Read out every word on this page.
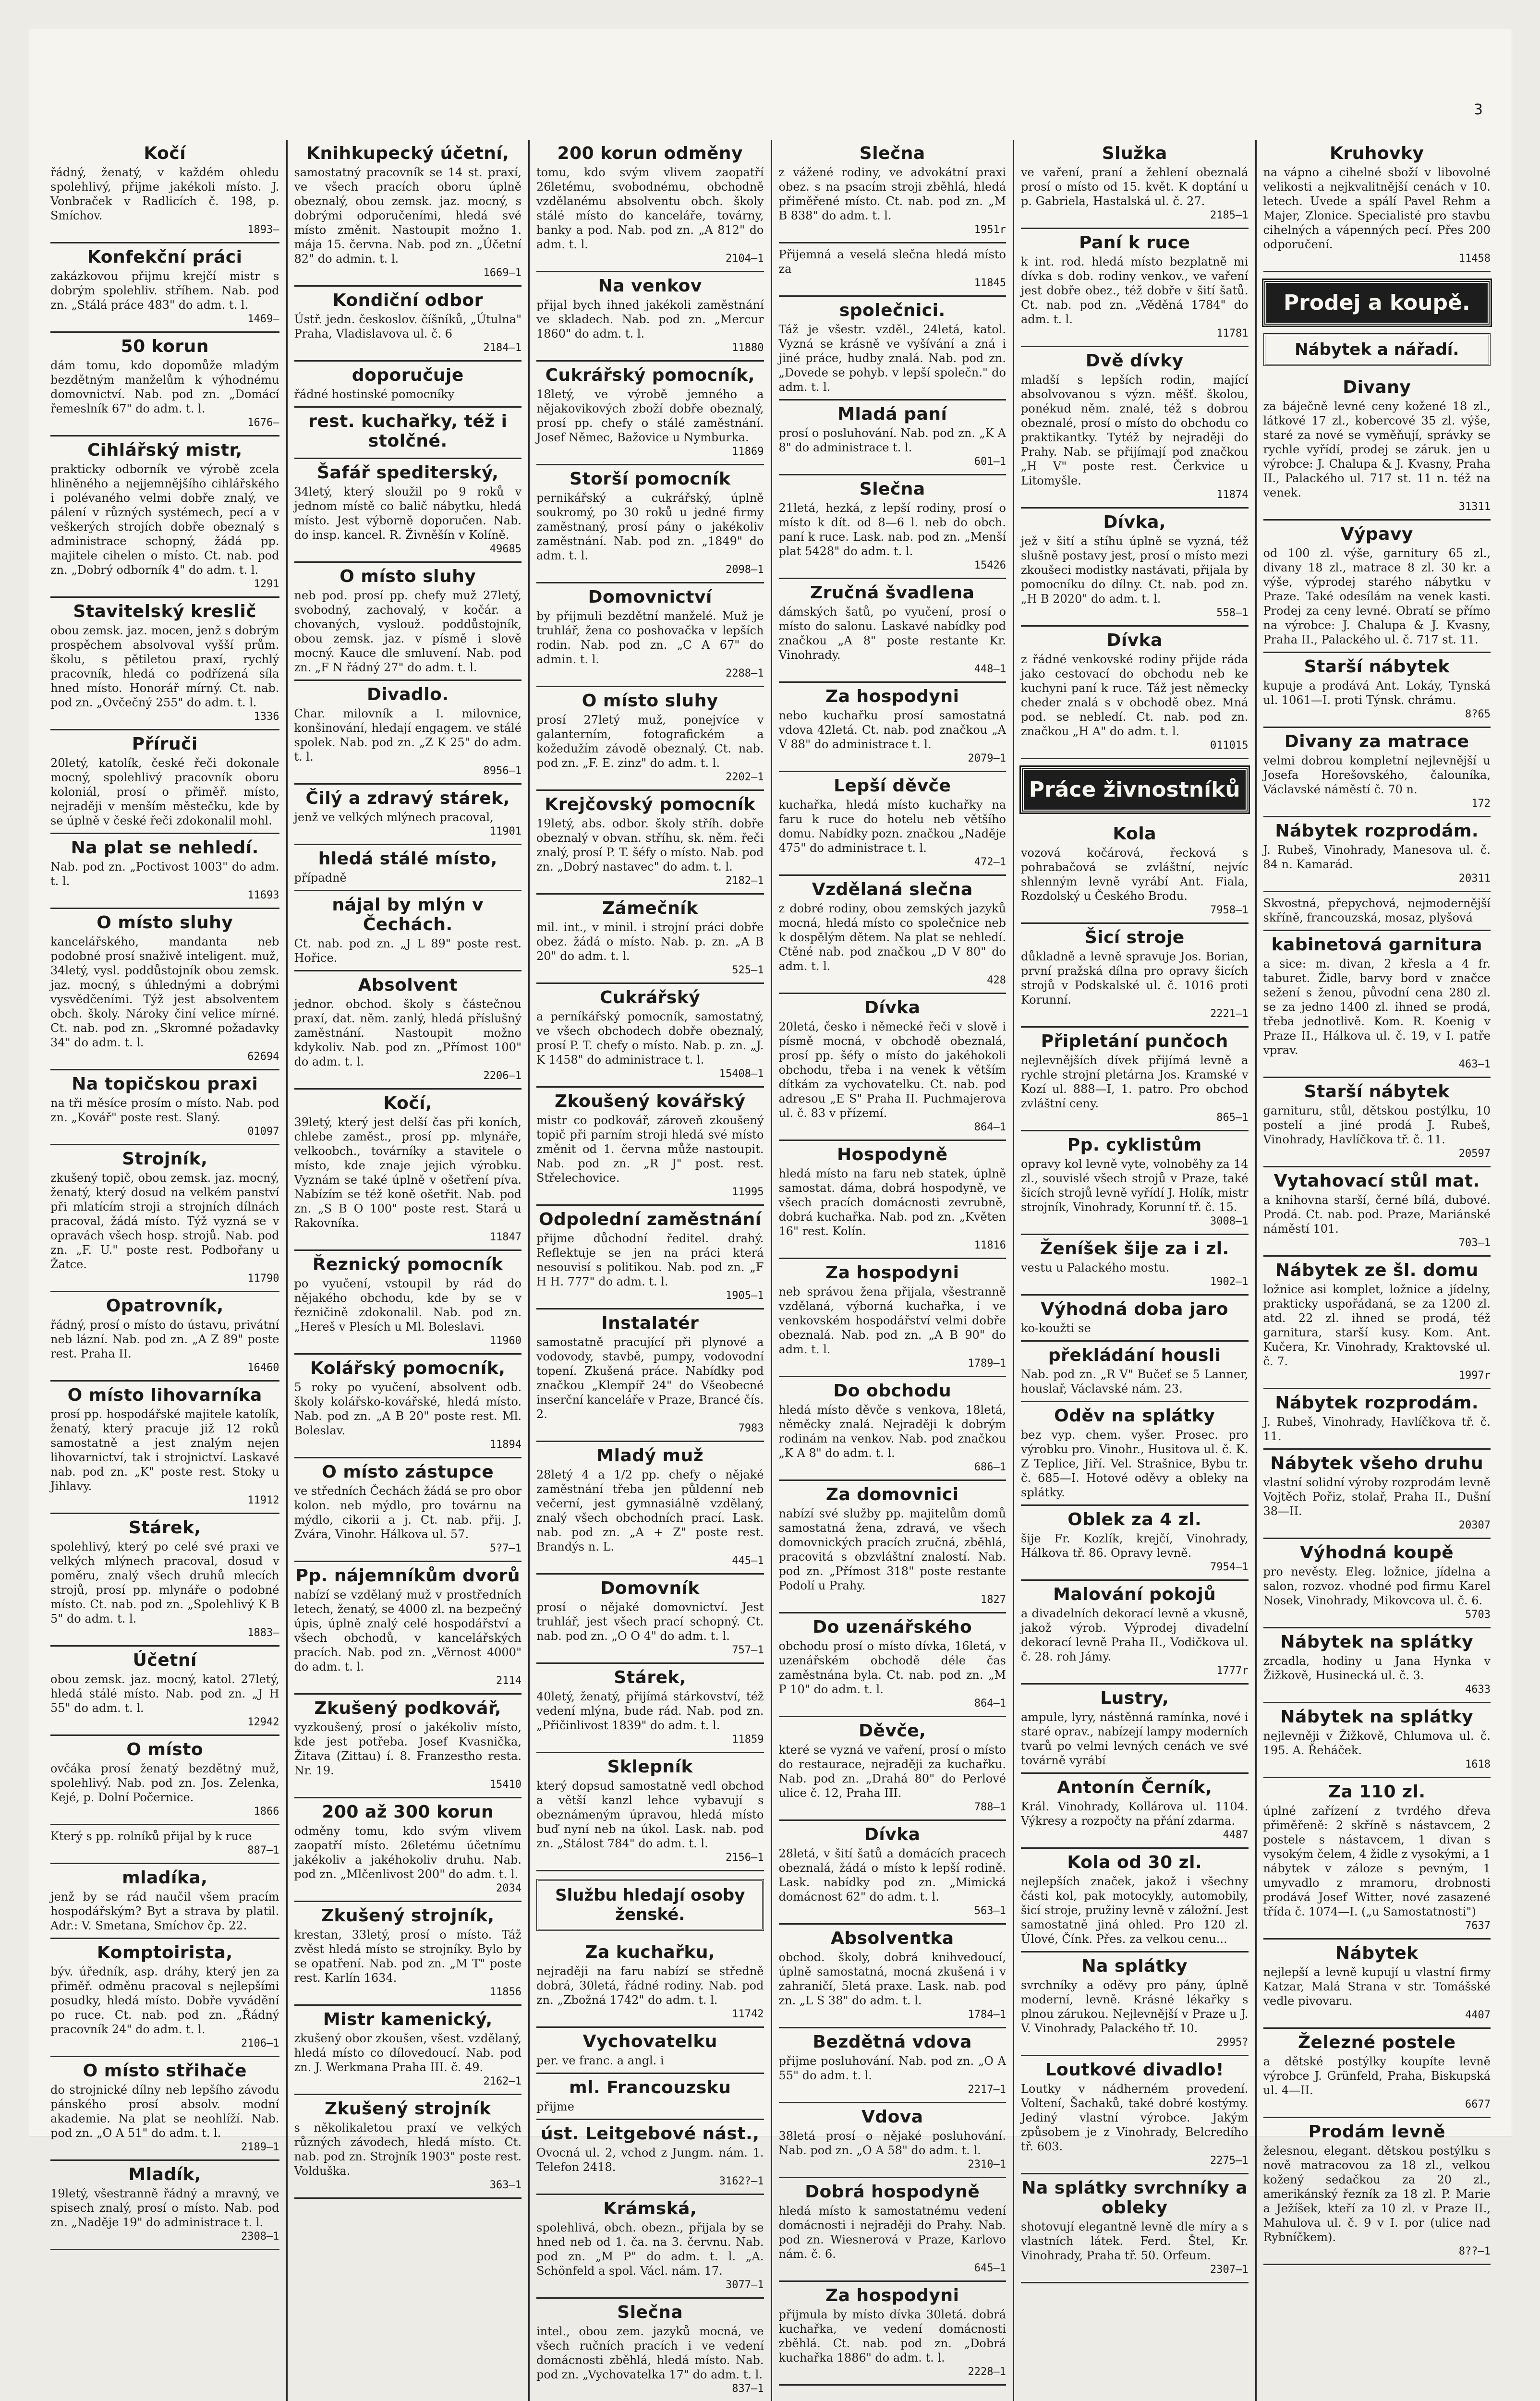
3
Kočí

řádný, ženatý, v každém ohledu spolehlivý, přijme jakékoli místo. J. Vonbraček v Radlicích č. 198, p. Smíchov.

1893—

Konfekční práci

zakázkovou přijmu krejčí mistr s dobrým spolehliv. stříhem. Nab. pod zn. „Stálá práce 483" do adm. t. l.

1469—

50 korun

dám tomu, kdo dopomůže mladým bezdětným manželům k výhodnému domovnictví. Nab. pod zn. „Domácí řemeslník 67" do adm. t. l.

1676—

Cihlářský mistr,

prakticky odborník ve výrobě zcela hliněného a nejjemnějšího cihlářského i polévaného velmi dobře znalý, ve pálení v různých systémech, pecí a v veškerých strojích dobře obeznalý s administrace schopný, žádá pp. majitele cihelen o místo. Ct. nab. pod zn. „Dobrý odborník 4" do adm. t. l.

1291

Stavitelský kreslič

obou zemsk. jaz. mocen, jenž s dobrým prospěchem absolvoval vyšší prům. školu, s pětiletou praxí, rychlý pracovník, hledá co podřízená síla hned místo. Honorář mírný. Ct. nab. pod zn. „Ovčečný 255" do adm. t. l.

1336

Příruči

20letý, katolík, české řeči dokonale mocný, spolehlivý pracovník oboru koloniál, prosí o přiměř. místo, nejraději v menším městečku, kde by se úplně v české řeči zdokonalil mohl.

Na plat se nehledí.

Nab. pod zn. „Poctivost 1003" do adm. t. l.

11693

O místo sluhy

kancelářského, mandanta neb podobné prosí snaživě inteligent. muž, 34letý, vysl. poddůstojník obou zemsk. jaz. mocný, s úhlednými a dobrými vysvědčeními. Týž jest absolventem obch. školy. Nároky činí velice mírné. Ct. nab. pod zn. „Skromné požadavky 34" do adm. t. l.

62694

Na topičskou praxi

na tři měsíce prosím o místo. Nab. pod zn. „Kovář" poste rest. Slaný.

01097

Strojník,

zkušený topič, obou zemsk. jaz. mocný, ženatý, který dosud na velkém panství při mlatícím stroji a strojních dílnách pracoval, žádá místo. Týž vyzná se v opravách všech hosp. strojů. Nab. pod zn. „F. U." poste rest. Podbořany u Žatce.

11790

Opatrovník,

řádný, prosí o místo do ústavu, privátní neb lázní. Nab. pod zn. „A Z 89" poste rest. Praha II.

16460

O místo lihovarníka

prosí pp. hospodářské majitele katolík, ženatý, který pracuje již 12 roků samostatně a jest znalým nejen lihovarnictví, tak i strojnictví. Laskavé nab. pod zn. „K" poste rest. Stoky u Jihlavy.

11912

Stárek,

spolehlivý, který po celé své praxi ve velkých mlýnech pracoval, dosud v poměru, znalý všech druhů mlecích strojů, prosí pp. mlynáře o podobné místo. Ct. nab. pod zn. „Spolehlivý K B 5" do adm. t. l.

1883—

Účetní

obou zemsk. jaz. mocný, katol. 27letý, hledá stálé místo. Nab. pod zn. „J H 55" do adm. t. l.

12942

O místo

ovčáka prosí ženatý bezdětný muž, spolehlivý. Nab. pod zn. Jos. Zelenka, Kejé, p. Dolní Počernice.

1866

Který s pp. rolníků přijal by k ruce

887—1

mladíka,

jenž by se rád naučil všem pracím hospodářským? Byt a strava by platil. Adr.: V. Smetana, Smíchov čp. 22.

Komptoiristа,

býv. úředník, asp. dráhy, který jen za přiměř. odměnu pracoval s nejlepšími posudky, hledá místo. Dobře vyvádění po ruce. Ct. nab. pod zn. „Řádný pracovník 24" do adm. t. l.

2106—1

O místo střihače

do strojnické dílny neb lepšího závodu pánského prosí absolv. modní akademie. Na plat se neohlíží. Nab. pod zn. „O A 51" do adm. t. l.

2189—1

Mladík,

19letý, všestranně řádný a mravný, ve spisech znalý, prosí o místo. Nab. pod zn. „Naděje 19" do administrace t. l.

2308—1

Knihkupecký účetní,

samostatný pracovník se 14 st. praxí, ve všech pracích oboru úplně obeznalý, obou zemsk. jaz. mocný, s dobrými odporučeními, hledá své místo změnit. Nastoupit možno 1. mája 15. června. Nab. pod zn. „Účetní 82" do admin. t. l.

1669—1

Kondiční odbor

Ústř. jedn. českoslov. číšníků, „Útulna" Praha, Vladislavova ul. č. 6

2184—1

doporučuje

řádné hostinské pomocníky

rest. kuchařky, též i stolčné.
Šafář spediterský,

34letý, který sloužil po 9 roků v jednom místě co balič nábytku, hledá místo. Jest výborně doporučen. Nab. do insp. kancel. R. Živněšín v Kolíně.

49685

O místo sluhy

neb pod. prosí pp. chefy muž 27letý, svobodný, zachovalý, v kočár. a chovaných, vyslouž. poddůstojník, obou zemsk. jaz. v písmě i slově mocný. Kauce dle smluvení. Nab. pod zn. „F N řádný 27" do adm. t. l.

Divadlo.

Char. milovník a I. milovnice, konšinování, hledají engagem. ve stálé spolek. Nab. pod zn. „Z K 25" do adm. t. l.

8956—1

Čilý a zdravý stárek,

jenž ve velkých mlýnech pracoval,

11901

hledá stálé místo,

případně

nájal by mlýn v Čechách.

Ct. nab. pod zn. „J L 89" poste rest. Hořice.

Absolvent

jednor. obchod. školy s částečnou praxí, dat. něm. zanlý, hledá příslušný zaměstnání. Nastoupit možno kdykoliv. Nab. pod zn. „Přímost 100" do adm. t. l.

2206—1

Kočí,

39letý, který jest delší čas při koních, chlebe zaměst., prosí pp. mlynáře, velkoobch., továrníky a stavitele o místo, kde znaje jejich výrobku. Vyznám se také úplně v ošetření píva. Nabízím se též koně ošetřit. Nab. pod zn. „S B O 100" poste rest. Stará u Rakovníka.

11847

Řeznický pomocník

po vyučení, vstoupil by rád do nějakého obchodu, kde by se v řezničině zdokonalil. Nab. pod zn. „Hereš v Plesích u Ml. Boleslavi.

11960

Kolářský pomocník,

5 roky po vyučení, absolvent odb. školy kolářsko-kovářské, hledá místo. Nab. pod zn. „A B 20" poste rest. Ml. Boleslav.

11894

O místo zástupce

ve středních Čechách žádá se pro obor kolon. neb mýdlo, pro továrnu na mýdlo, cikorii a j. Ct. nab. přij. J. Zvára, Vinohr. Hálkova ul. 57.

5?7—1

Pp. nájemníkům dvorů

nabízí se vzdělaný muž v prostředních letech, ženatý, se 4000 zl. na bezpečný úpis, úplně znalý celé hospodářství a všech obchodů, v kancelářských pracích. Nab. pod zn. „Věrnost 4000" do adm. t. l.

2114

Zkušený podkovář,

vyzkoušený, prosí o jakékoliv místo, kde jest potřeba. Josef Kvasnička, Žitava (Zittau) í. 8. Franzestho resta. Nr. 19.

15410

200 až 300 korun

odměny tomu, kdo svým vlivem zaopatří místo. 26letému účetnímu jakékoliv a jakéhokoliv druhu. Nab. pod zn. „Mlčenlivost 200" do adm. t. l.

2034

Zkušený strojník,

krestan, 33letý, prosí o místo. Táž zvěst hledá místo se strojníky. Bylo by se opatření. Nab. pod zn. „M T" poste rest. Karlín 1634.

11856

Mistr kamenický,

zkušený obor zkoušen, všest. vzdělaný, hledá místo co dílovedoucí. Nab. pod zn. J. Werkmana Praha III. č. 49.

2162—1

Zkušený strojník

s několikaletou praxí ve velkých různých závodech, hledá místo. Ct. nab. pod zn. Strojník 1903" poste rest. Volduška.

363—1

200 korun odměny

tomu, kdo svým vlivem zaopatří 26letému, svobodnému, obchodně vzdělanému absolventu obch. školy stálé místo do kanceláře, továrny, banky a pod. Nab. pod zn. „A 812" do adm. t. l.

2104—1

Na venkov

přijal bych ihned jakékoli zaměstnání ve skladech. Nab. pod zn. „Mercur 1860" do adm. t. l.

11880

Cukrářský pomocník,

18letý, ve výrobě jemného a nějakovikových zboží dobře obeznalý, prosí pp. chefy o stálé zaměstnání. Josef Němec, Bažovice u Nymburka.

11869

Storší pomocník

pernikářský a cukrářský, úplně soukromý, po 30 roků u jedné firmy zaměstnaný, prosí pány o jakékoliv zaměstnání. Nab. pod zn. „1849" do adm. t. l.

2098—1

Domovnictví

by přijmuli bezdětní manželé. Muž je truhlář, žena co poshovačka v lepších rodin. Nab. pod zn. „C A 67" do admin. t. l.

2288—1

O místo sluhy

prosí 27letý muž, ponejvíce v galanterním, fotografickém a kožedužím závodě obeznalý. Ct. nab. pod zn. „F. E. zinz" do adm. t. l.

2202—1

Krejčovský pomocník

19letý, abs. odbor. školy stříh. dobře obeznalý v obvan. stříhu, sk. něm. řeči znalý, prosí P. T. šéfy o místo. Nab. pod zn. „Dobrý nastavec" do adm. t. l.

2182—1

Zámečník

mil. int., v minil. i strojní práci dobře obez. žádá o místo. Nab. p. zn. „A B 20" do adm. t. l.

525—1

Cukrářský

a perníkářský pomocník, samostatný, ve všech obchodech dobře obeznalý, prosí P. T. chefy o místo. Nab. p. zn. „J. K 1458" do administrace t. l.

15408—1

Zkoušený kovářský

mistr co podkovář, zároveň zkoušený topič při parním stroji hledá své místo změnit od 1. června může nastoupit. Nab. pod zn. „R J" post. rest. Střelechovice.

11995

Odpolední zaměstnání

přijme důchodní ředitel. drahý. Reflektuje se jen na práci která nesouvisí s politikou. Nab. pod zn. „F H H. 777" do adm. t. l.

1905—1

Instalatér

samostatně pracující při plynové a vodovody, stavbě, pumpy, vodovodní topení. Zkušená práce. Nabídky pod značkou „Klempíř 24" do Všeobecné inserční kanceláře v Praze, Brancé čís. 2.

7983

Mladý muž

28letý 4 a 1/2 pp. chefy o nějaké zaměstnání třeba jen půldenní neb večerní, jest gymnasiálně vzdělaný, znalý všech obchodních prací. Lask. nab. pod zn. „A + Z" poste rest. Brandýs n. L.

445—1

Domovník

prosí o nějaké domovnictví. Jest truhlář, jest všech prací schopný. Ct. nab. pod zn. „O O 4" do adm. t. l.

757—1

Stárek,

40letý, ženatý, přijímá stárkovství, též vedení mlýna, bude rád. Nab. pod zn. „Přičinlivost 1839" do adm. t. l.

11859

Sklepník

který dopsud samostatně vedl obchod a větší kanzl lehce vybavují s obeznámeným úpravou, hledá místo buď nyní neb na úkol. Lask. nab. pod zn. „Stálost 784" do adm. t. l.

2156—1

Službu hledají osoby ženské.
Za kuchařku,

nejraději na faru nabízí se středně dobrá, 30letá, řádné rodiny. Nab. pod zn. „Zbožná 1742" do adm. t. l.

11742

Vychovatelku

per. ve franc. a angl. i

ml. Francouzsku

přijme

úst. Leitgebové nást.,

Ovocná ul. 2, vchod z Jungm. nám. 1. Telefon 2418.

3162?—1

Krámská,

spolehlivá, obch. obezn., přijala by se hned neb od 1. ča. na 3. červnu. Nab. pod zn. „M P" do adm. t. l. „A. Schönfeld a spol. Václ. nám. 17.

3077—1

Slečna

intel., obou zem. jazyků mocná, ve všech ručních pracích i ve vedení domácnosti zběhlá, hledá místo. Nab. pod zn. „Vychovatelka 17" do adm. t. l.

837—1

Slečna

z vážené rodiny, ve advokátní praxi obez. s na psacím stroji zběhlá, hledá přiměřené místo. Ct. nab. pod zn. „M B 838" do adm. t. l.

1951r

Přijemná a veselá slečna hledá místo za

11845

společnici.

Táž je všestr. vzděl., 24letá, katol. Vyzná se krásně ve vyšívání a zná i jiné práce, hudby znalá. Nab. pod zn. „Dovede se pohyb. v lepší společn." do adm. t. l.

Mladá paní

prosí o posluhování. Nab. pod zn. „K A 8" do administrace t. l.

601—1

Slečna

21letá, hezká, z lepší rodiny, prosí o místo k dít. od 8—6 l. neb do obch. paní k ruce. Lask. nab. pod zn. „Menší plat 5428" do adm. t. l.

15426

Zručná švadlena

dámských šatů, po vyučení, prosí o místo do salonu. Laskavé nabídky pod značkou „A 8" poste restante Kr. Vinohrady.

448—1

Za hospodyni

nebo kuchařku prosí samostatná vdova 42letá. Ct. nab. pod značkou „A V 88" do administrace t. l.

2079—1

Lepší děvče

kuchařka, hledá místo kuchařky na faru k ruce do hotelu neb většího domu. Nabídky pozn. značkou „Naděje 475" do administrace t. l.

472—1

Vzdělaná slečna

z dobré rodiny, obou zemských jazyků mocná, hledá místo co společnice neb k dospělým dětem. Na plat se nehledí. Ctěné nab. pod značkou „D V 80" do adm. t. l.

428

Dívka

20letá, česko i německé řeči v slově i písmě mocná, v obchodě obeznalá, prosí pp. šéfy o místo do jakéhokoli obchodu, třeba i na venek k větším dítkám za vychovatelku. Ct. nab. pod adresou „E S" Praha II. Puchmajerova ul. č. 83 v přízemí.

864—1

Hospodyně

hledá místo na faru neb statek, úplně samostat. dáma, dobrá hospodyně, ve všech pracích domácnosti zevrubně, dobrá kuchařka. Nab. pod zn. „Květen 16" rest. Kolín.

11816

Za hospodyni

neb správou žena přijala, všestranně vzdělaná, výborná kuchařka, i ve venkovském hospodářství velmi dobře obeznalá. Nab. pod zn. „A B 90" do adm. t. l.

1789—1

Do obchodu

hledá místo děvče s venkova, 18letá, něměcky znalá. Nejraději k dobrým rodinám na venkov. Nab. pod značkou „K A 8" do adm. t. l.

686—1

Za domovnici

nabízí své služby pp. majitelům domů samostatná žena, zdravá, ve všech domovnických pracích zručná, zběhlá, pracovitá s obzvláštní znalostí. Nab. pod zn. „Přímost 318" poste restante Podolí u Prahy.

1827

Do uzenářského

obchodu prosí o místo dívka, 16letá, v uzenářském obchodě déle čas zaměstnána byla. Ct. nab. pod zn. „M P 10" do adm. t. l.

864—1

Děvče,

které se vyzná ve vaření, prosí o místo do restaurace, nejraději za kuchařku. Nab. pod zn. „Drahá 80" do Perlové ulice č. 12, Praha III.

788—1

Dívka

28letá, v šití šatů a domácích pracech obeznalá, žádá o místo k lepší rodině. Lask. nabídky pod zn. „Mimická domácnost 62" do adm. t. l.

563—1

Absolventka

obchod. školy, dobrá knihvedoucí, úplně samostatná, mocná zkušená i v zahraničí, 5letá praxe. Lask. nab. pod zn. „L S 38" do adm. t. l.

1784—1

Bezdětná vdova

přijme posluhování. Nab. pod zn. „O A 55" do adm. t. l.

2217—1

Vdova

38letá prosí o nějaké posluhování. Nab. pod zn. „O A 58" do adm. t. l.

2310—1

Dobrá hospodyně

hledá místo k samostatnému vedení domácnosti i nejraději do Prahy. Nab. pod zn. Wiesnerová v Praze, Karlovo nám. č. 6.

645—1

Za hospodyni

přijmula by místo dívka 30letá. dobrá kuchařka, ve vedení domácnosti zběhlá. Ct. nab. pod zn. „Dobrá kuchařka 1886" do adm. t. l.

2228—1

Služka

ve vaření, praní a žehlení obeznalá prosí o místo od 15. květ. K doptání u p. Gabriela, Hastalská ul. č. 27.

2185—1

Paní k ruce

k int. rod. hledá místo bezplatně mi dívka s dob. rodiny venkov., ve vaření jest dobře obez., též dobře v šití šatů. Ct. nab. pod zn. „Věděná 1784" do adm. t. l.

11781

Dvě dívky

mladší s lepších rodin, mající absolvovanou s význ. měšť. školou, ponékud něm. znalé, též s dobrou obeznalé, prosí o místo do obchodu co praktikantky. Tytéž by nejraději do Prahy. Nab. se přijímají pod značkou „H V" poste rest. Čerkvice u Litomyšle.

11874

Dívka,

jež v šití a stíhu úplně se vyzná, též slušně postavy jest, prosí o místo mezi zkoušeci modistky nastávati, přijala by pomocníku do dílny. Ct. nab. pod zn. „H B 2020" do adm. t. l.

558—1

Dívka

z řádné venkovské rodiny přijde ráda jako cestovací do obchodu neb ke kuchyni paní k ruce. Táž jest německy cheder znalá s v obchodě obez. Mná pod. se nebledí. Ct. nab. pod zn. značkou „H A" do adm. t. l.

011015

Práce živnostníků
Kola

vozová kočárová, řecková s pohrabačová se zvláštní, nejvíc shlenným levně vyrábí Ant. Fiala, Rozdolský u Českého Brodu.

7958—1

Šicí stroje

důkladně a levně spravuje Jos. Borian, první pražská dílna pro opravy šicích strojů v Podskalské ul. č. 1016 proti Korunní.

2221—1

Připletání punčoch

nejlevnějších dívek přijímá levně a rychle strojní pletárna Jos. Kramské v Kozí ul. 888—I, 1. patro. Pro obchod zvláštní ceny.

865—1

Pp. cyklistům

opravy kol levně vyte, volnoběhy za 14 zl., souvislé všech strojů v Praze, také šicích strojů levně vyřídí J. Holík, mistr strojník, Vinohrady, Korunní tř. č. 15.

3008—1

Ženíšek šije za i zl.

vestu u Palackého mostu.

1902—1

Výhodná doba jaro

ko-koužti se

překládání housli

Nab. pod zn. „R V" Bučeť se 5 Lanner, houslař, Václavské nám. 23.

Oděv na splátky

bez vyp. chem. vyšer. Prosec. pro výrobku pro. Vinohr., Husitova ul. č. K. Z Teplice, Jiří. Vel. Strašnice, Bybu tr. č. 685—I. Hotové oděvy a obleky na splátky.

Oblek za 4 zl.

šije Fr. Kozlík, krejčí, Vinohrady, Hálkova tř. 86. Opravy levně.

7954—1

Malování pokojů

a divadelních dekorací levně a vkusně, jakož výrob. Výprodej divadelní dekorací levně Praha II., Vodičkova ul. č. 28. roh Jámy.

1777r

Lustry,

ampule, lyry, nástěnná ramínka, nové i staré oprav., nabízejí lampy moderních tvarů po velmi levných cenách ve své továrně vyrábí

Antonín Černík,

Král. Vinohrady, Kollárova ul. 1104. Výkresy a rozpočty na přání zdarma.

4487

Kola od 30 zl.

nejlepších značek, jakož i všechny části kol, pak motocykly, automobily, šicí stroje, pružiny levně v záložní. Jest samostatně jiná ohled. Pro 120 zl. Úlové, Čínk. Přes. za velkou cenu...

Na splátky

svrchníky a oděvy pro pány, úplně moderní, levně. Krásné lékařky s plnou zárukou. Nejlevnější v Praze u J. V. Vinohrady, Palackého tř. 10.

2995?

Loutkové divadlo!

Loutky v nádherném provedení. Voltení, Šachaků, také dobré kostýmy. Jediný vlastní výrobce. Jakým způsobem je z Vinohrady, Belcredího tř. 603.

2275—1

Na splátky svrchníky a obleky

shotovují elegantně levně dle míry a s vlastních látek. Ferd. Štel, Kr. Vinohrady, Praha tř. 50. Orfeum.

2307—1

Kruhovky

na vápno a cihelné sboží v libovolné velikosti a nejkvalitnější cenách v 10. letech. Uvede a spálí Pavel Rehm a Majer, Zlonice. Specialisté pro stavbu cihelných a vápenných pecí. Přes 200 odporučení.

11458

Prodej a koupě.
Nábytek a nářadí.
Divany

za báječně levné ceny kožené 18 zl., látkové 17 zl., kobercové 35 zl. výše, staré za nové se vyměňují, správky se rychle vyřídí, prodej se záruk. jen u výrobce: J. Chalupa & J. Kvasny, Praha II., Palackého ul. 717 st. 11 n. též na venek.

31311

Výpavy

od 100 zl. výše, garnitury 65 zl., divany 18 zl., matrace 8 zl. 30 kr. a výše, výprodej starého nábytku v Praze. Také odesílám na venek kasti. Prodej za ceny levné. Obratí se přímo na výrobce: J. Chalupa & J. Kvasny, Praha II., Palackého ul. č. 717 st. 11.

Starší nábytek

kupuje a prodává Ant. Lokáy, Tynská ul. 1061—I. proti Týnsk. chrámu.

8?65

Divany za matrace

velmi dobrou kompletní nejlevnější u Josefa Horešovského, čalouníka, Václavské náměstí č. 70 n.

172

Nábytek rozprodám.

J. Rubeš, Vinohrady, Manesova ul. č. 84 n. Kamarád.

20311

Skvostná, přepychová, nejmodernější skříně, francouzská, mosaz, plyšová

kabinetová garnitura

a sice: m. divan, 2 křesla a 4 fr. taburet. Židle, barvy bord v značce sežení s ženou, původní cena 280 zl. se za jedno 1400 zl. ihned se prodá, třeba jednotlivě. Kom. R. Koenig v Praze II., Hálkova ul. č. 19, v I. patře vprav.

463—1

Starší nábytek

garnituru, stůl, dětskou postýlku, 10 postelí a jiné prodá J. Rubeš, Vinohrady, Havlíčkova tř. č. 11.

20597

Vytahovací stůl mat.

a knihovna starší, černé bílá, dubové. Prodá. Ct. nab. pod. Praze, Mariánské náměstí 101.

703—1

Nábytek ze šl. domu

ložnice asi komplet, ložnice a jídelny, prakticky uspořádaná, se za 1200 zl. atd. 22 zl. ihned se prodá, též garnitura, starší kusy. Kom. Ant. Kučera, Kr. Vinohrady, Kraktovské ul. č. 7.

1997r

Nábytek rozprodám.

J. Rubeš, Vinohrady, Havlíčkova tř. č. 11.

Nábytek všeho druhu

vlastní solidní výroby rozprodám levně Vojtěch Pořiz, stolař, Praha II., Dušní 38—II.

20307

Výhodná koupě

pro nevěsty. Eleg. ložnice, jídelna a salon, rozvoz. vhodné pod firmu Karel Nosek, Vinohrady, Mikovcova ul. č. 6.

5703

Nábytek na splátky

zrcadla, hodiny u Jana Hynka v Žižkově, Husinecká ul. č. 3.

4633

Nábytek na splátky

nejlevněji v Žižkově, Chlumova ul. č. 195. A. Řeháček.

1618

Za 110 zl.

úplné zařízení z tvrdého dřeva přiměřeně: 2 skříně s nástavcem, 2 postele s nástavcem, 1 divan s vysokým čelem, 4 židle z vysokými, a 1 nábytek v záloze s pevným, 1 umyvadlo z mramoru, drobnosti prodává Josef Witter, nové zasazené třída č. 1074—I. („u Samostatnosti")

7637

Nábytek

nejlepší a levně kupují u vlastní firmy Katzar, Malá Strana v str. Tomášské vedle pivovaru.

4407

Železné postele

a dětské postýlky koupíte levně výrobce J. Grünfeld, Praha, Biskupská ul. 4—II.

6677

Prodám levně

želesnou, elegant. dětskou postýlku s nově matracovou za 18 zl., velkou kožený sedačkou za 20 zl., amerikánský řezník za 18 zl. P. Marie a Ježíšek, kteří za 10 zl. v Praze II., Mahulova ul. č. 9 v I. por (ulice nad Rybníčkem).

8??—1
